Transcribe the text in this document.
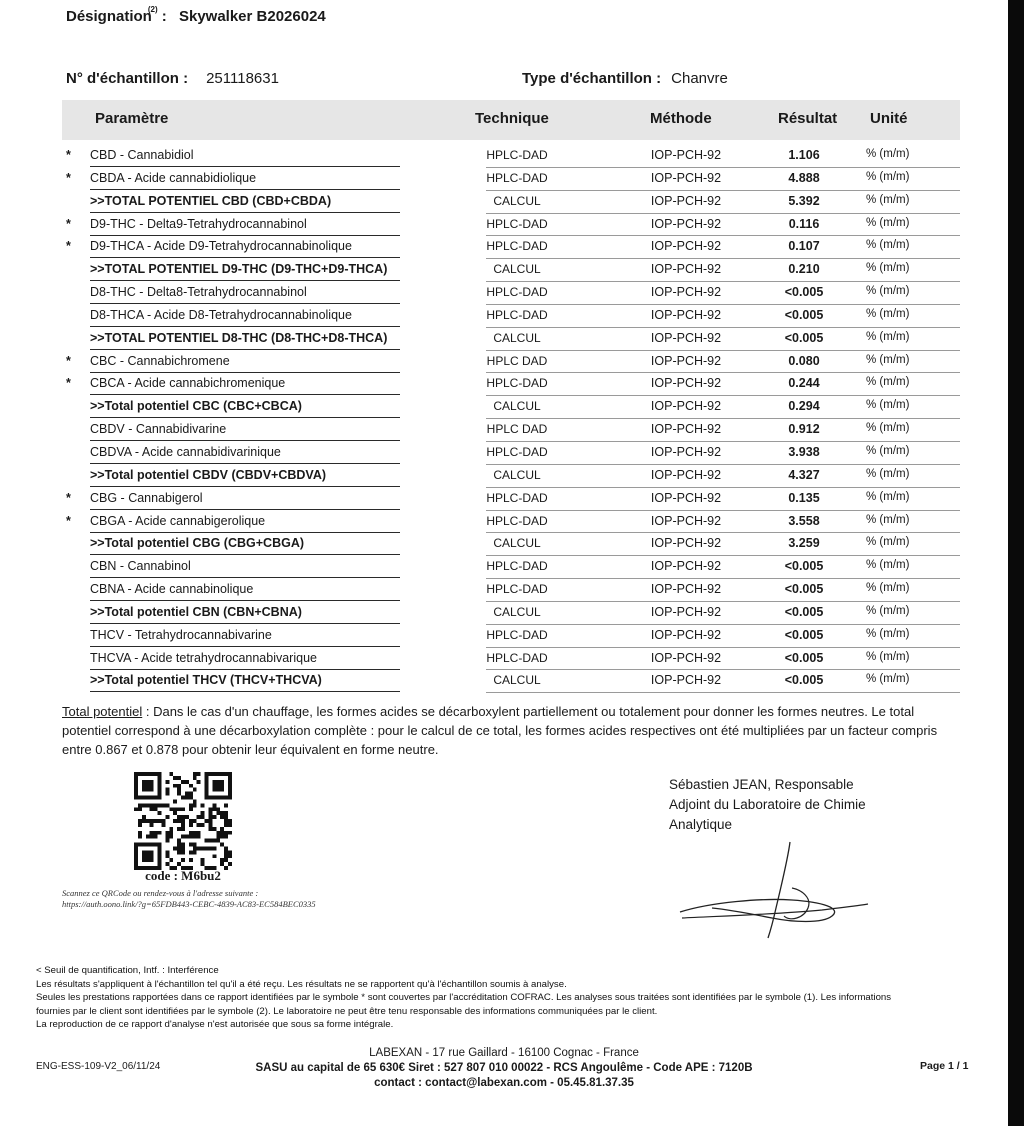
Désignation$^{(2)}$ : Skywalker B2026024
N° d'échantillon : 251118631	Type d'échantillon : Chanvre
Paramètre	Technique	Méthode	Résultat Unité
* CBD - Cannabidiol	HPLC-DAD	IOP-PCH-92	1.106	% (m/m)
* CBDA - Acide cannabidiolique	HPLC-DAD	IOP-PCH-92	4.888	% (m/m)
>>TOTAL POTENTIEL CBD (CBD+CBDA)	CALCUL	IOP-PCH-92	5.392	% (m/m)
* D9-THC - Delta9-Tetrahydrocannabinol	HPLC-DAD	IOP-PCH-92	0.116	% (m/m)
* D9-THCA - Acide D9-Tetrahydrocannabinolique	HPLC-DAD	IOP-PCH-92	0.107	% (m/m)
>>TOTAL POTENTIEL D9-THC (D9-THC+D9-THCA)	CALCUL	IOP-PCH-92	0.210	% (m/m)
D8-THC - Delta8-Tetrahydrocannabinol	HPLC-DAD	IOP-PCH-92	<0.005	% (m/m)
D8-THCA - Acide D8-Tetrahydrocannabinolique	HPLC-DAD	IOP-PCH-92	<0.005	% (m/m)
>>TOTAL POTENTIEL D8-THC (D8-THC+D8-THCA)	CALCUL	IOP-PCH-92	<0.005	% (m/m)
* CBC - Cannabichromene	HPLC DAD	IOP-PCH-92	0.080	% (m/m)
* CBCA - Acide cannabichromenique	HPLC-DAD	IOP-PCH-92	0.244	% (m/m)
>>Total potentiel CBC (CBC+CBCA)	CALCUL	IOP-PCH-92	0.294	% (m/m)
CBDV - Cannabidivarine	HPLC DAD	IOP-PCH-92	0.912	% (m/m)
CBDVA - Acide cannabidivarinique	HPLC-DAD	IOP-PCH-92	3.938	% (m/m)
>>Total potentiel CBDV (CBDV+CBDVA)	CALCUL	IOP-PCH-92	4.327	% (m/m)
* CBG - Cannabigerol	HPLC-DAD	IOP-PCH-92	0.135	% (m/m)
* CBGA - Acide cannabigerolique	HPLC-DAD	IOP-PCH-92	3.558	% (m/m)
>>Total potentiel CBG (CBG+CBGA)	CALCUL	IOP-PCH-92	3.259	% (m/m)
CBN - Cannabinol	HPLC-DAD	IOP-PCH-92	<0.005	% (m/m)
CBNA - Acide cannabinolique	HPLC-DAD	IOP-PCH-92	<0.005	% (m/m)
>>Total potentiel CBN (CBN+CBNA)	CALCUL	IOP-PCH-92	<0.005	% (m/m)
THCV - Tetrahydrocannabivarine	HPLC-DAD	IOP-PCH-92	<0.005	% (m/m)
THCVA - Acide tetrahydrocannabivarique	HPLC-DAD	IOP-PCH-92	<0.005	% (m/m)
>>Total potentiel THCV (THCV+THCVA)	CALCUL	IOP-PCH-92	<0.005	% (m/m)
Total potentiel : Dans le cas d'un chauffage, les formes acides se décarboxylent partiellement ou totalement pour donner les formes neutres. Le total potentiel correspond à une décarboxylation complète : pour le calcul de ce total, les formes acides respectives ont été multipliées par un facteur compris entre 0.867 et 0.878 pour obtenir leur équivalent en forme neutre.
code : M6bu2
Scannez ce QRCode ou rendez-vous à l'adresse suivante :
https://auth.oono.link/?g=65FDB443-CEBC-4839-AC83-EC584BEC0335
Sébastien JEAN, Responsable
Adjoint du Laboratoire de Chimie
Analytique
< Seuil de quantification, Intf. : Interférence
Les résultats s'appliquent à l'échantillon tel qu'il a été reçu. Les résultats ne se rapportent qu'à l'échantillon soumis à analyse.
Seules les prestations rapportées dans ce rapport identifiées par le symbole * sont couvertes par l'accréditation COFRAC. Les analyses sous traitées sont identifiées par le symbole (1). Les informations
fournies par le client sont identifiées par le symbole (2). Le laboratoire ne peut être tenu responsable des informations communiquées par le client.
La reproduction de ce rapport d'analyse n'est autorisée que sous sa forme intégrale.
ENG-ESS-109-V2_06/11/24
LABEXAN - 17 rue Gaillard - 16100 Cognac - France
SASU au capital de 65 630€ Siret : 527 807 010 00022 - RCS Angoulême - Code APE : 7120B
contact : contact@labexan.com - 05.45.81.37.35
Page 1 / 1
